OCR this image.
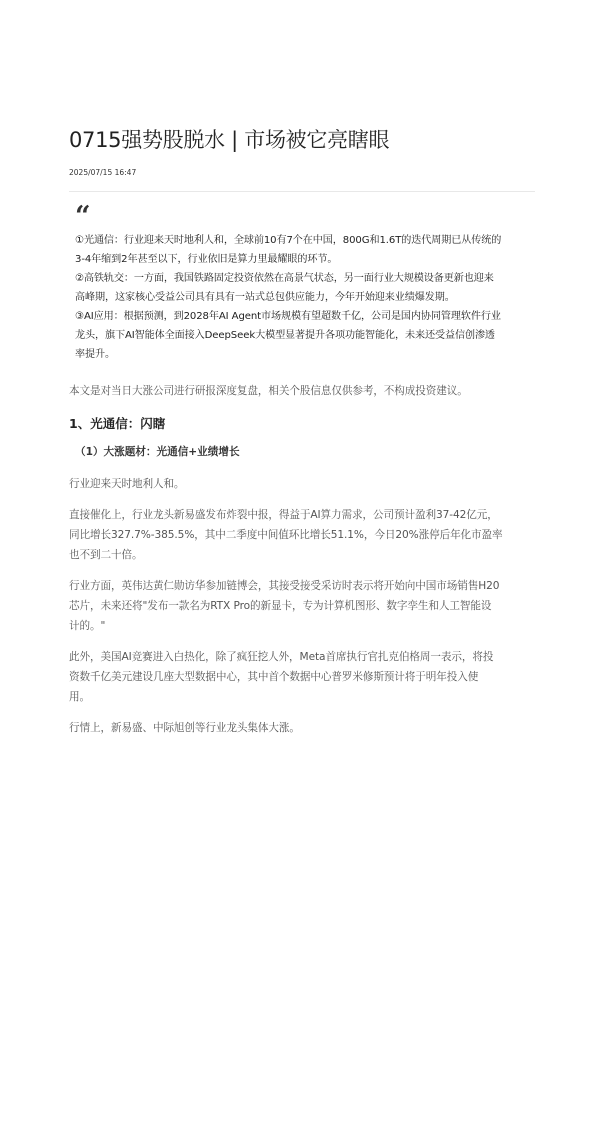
0715强势股脱水 | 市场被它亮瞎眼
2025/07/15 16:47
“
①光通信：行业迎来天时地利人和，全球前10有7个在中国，800G和1.6T的迭代周期已从传统的
3-4年缩到2年甚至以下，行业依旧是算力里最耀眼的环节。
②高铁轨交：一方面，我国铁路固定投资依然在高景气状态，另一面行业大规模设备更新也迎来
高峰期，这家核心受益公司具有具有一站式总包供应能力，今年开始迎来业绩爆发期。
③AI应用：根据预测，到2028年AI Agent市场规模有望超数千亿，公司是国内协同管理软件行业
龙头，旗下AI智能体全面接入DeepSeek大模型显著提升各项功能智能化，未来还受益信创渗透
率提升。

本文是对当日大涨公司进行研报深度复盘，相关个股信息仅供参考，不构成投资建议。

1、光通信：闪瞎
（1）大涨题材：光通信+业绩增长

行业迎来天时地利人和。

直接催化上，行业龙头新易盛发布炸裂中报，得益于AI算力需求，公司预计盈利37-42亿元，

同比增长327.7%-385.5%，其中二季度中间值环比增长51.1%，今日20%涨停后年化市盈率

也不到二十倍。

行业方面，英伟达黄仁勋访华参加链博会，其接受接受采访时表示将开始向中国市场销售H20

芯片，未来还将"发布一款名为RTX Pro的新显卡，专为计算机图形、数字孪生和人工智能设

计的。"

此外，美国AI竞赛进入白热化，除了疯狂挖人外，Meta首席执行官扎克伯格周一表示，将投

资数千亿美元建设几座大型数据中心，其中首个数据中心普罗米修斯预计将于明年投入使

用。

行情上，新易盛、中际旭创等行业龙头集体大涨。
